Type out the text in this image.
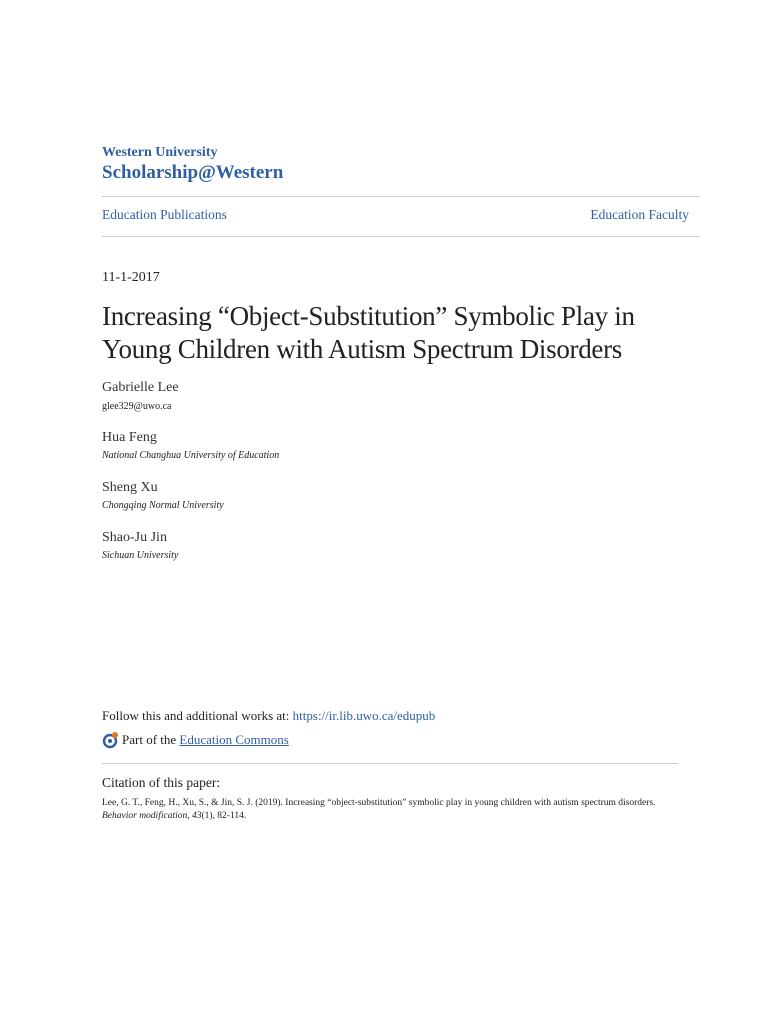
Western University
Scholarship@Western
Education Publications	Education Faculty
11-1-2017
Increasing “Object-Substitution” Symbolic Play in
Young Children with Autism Spectrum Disorders
Gabrielle Lee
glee329@uwo.ca
Hua Feng
National Changhua University of Education
Sheng Xu
Chongqing Normal University
Shao-Ju Jin
Sichuan University
Follow this and additional works at: https://ir.lib.uwo.ca/edupub
Part of the
Education Commons
Citation of this paper:
Lee, G. T., Feng, H., Xu, S., & Jin, S. J. (2019). Increasing “object-substitution” symbolic play in young children with autism spectrum disorders. Behavior modification, 43(1), 82-114.
